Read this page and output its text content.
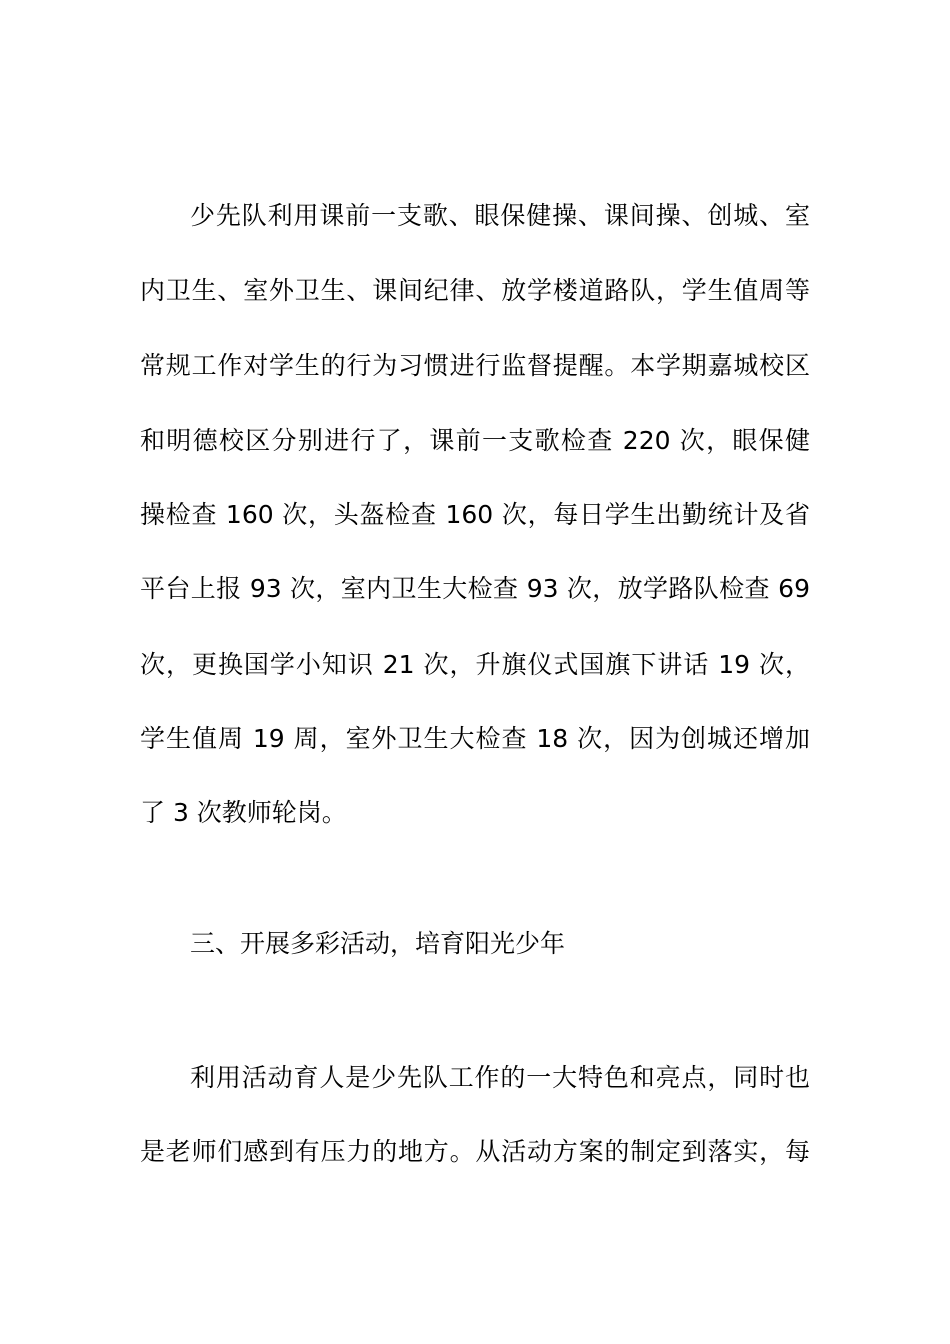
少先队利用课前一支歌、眼保健操、课间操、创城、室
内卫生、室外卫生、课间纪律、放学楼道路队，学生值周等
常规工作对学生的行为习惯进行监督提醒。本学期嘉城校区
和明德校区分别进行了，课前一支歌检查 220 次，眼保健
操检查 160 次，头盔检查 160 次，每日学生出勤统计及省
平台上报 93 次，室内卫生大检查 93 次，放学路队检查 69
次，更换国学小知识 21 次，升旗仪式国旗下讲话 19 次，
学生值周 19 周，室外卫生大检查 18 次，因为创城还增加
了 3 次教师轮岗。
三、开展多彩活动，培育阳光少年
利用活动育人是少先队工作的一大特色和亮点，同时也
是老师们感到有压力的地方。从活动方案的制定到落实，每
